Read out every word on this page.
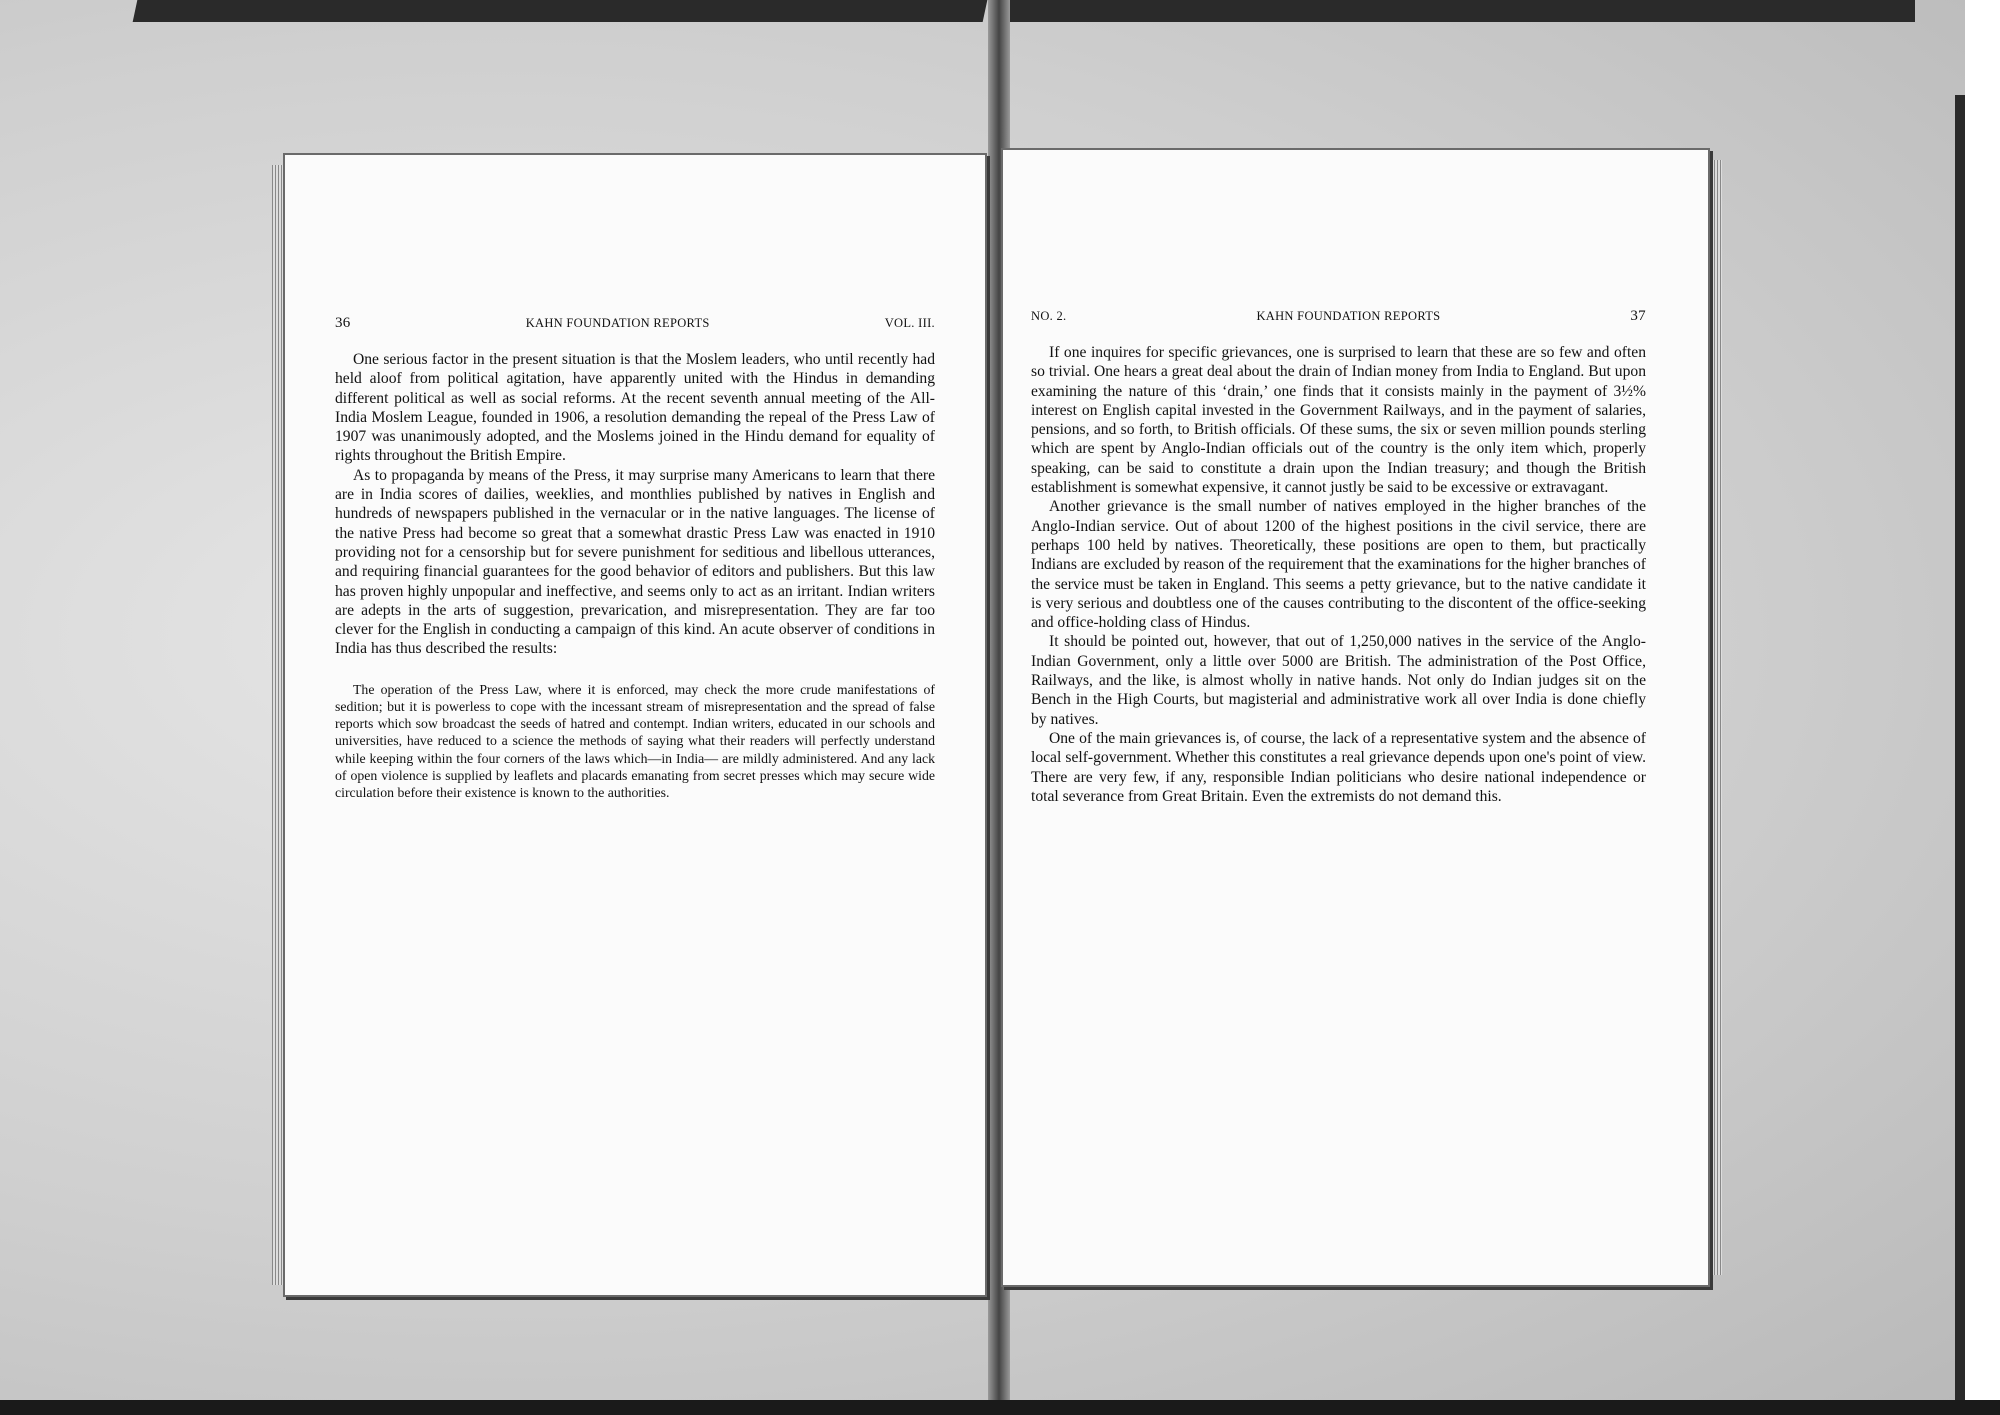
36	KAHN FOUNDATION REPORTS	VOL. III.

One serious factor in the present situation is that the Moslem leaders, who until recently had held aloof from political agitation, have apparently united with the Hindus in demanding different political as well as social reforms. At the recent seventh annual meeting of the All-India Moslem League, founded in 1906, a resolution demanding the repeal of the Press Law of 1907 was unanimously adopted, and the Moslems joined in the Hindu demand for equality of rights throughout the British Empire.

As to propaganda by means of the Press, it may surprise many Americans to learn that there are in India scores of dailies, weeklies, and monthlies published by natives in English and hundreds of newspapers published in the vernacular or in the native languages. The license of the native Press had become so great that a somewhat drastic Press Law was enacted in 1910 providing not for a censorship but for severe punishment for seditious and libellous utterances, and requiring financial guarantees for the good behavior of editors and publishers. But this law has proven highly unpopular and ineffective, and seems only to act as an irritant. Indian writers are adepts in the arts of suggestion, prevarication, and misrepresentation. They are far too clever for the English in conducting a campaign of this kind. An acute observer of conditions in India has thus described the results:

The operation of the Press Law, where it is enforced, may check the more crude manifestations of sedition; but it is powerless to cope with the incessant stream of misrepresentation and the spread of false reports which sow broadcast the seeds of hatred and contempt. Indian writers, educated in our schools and universities, have reduced to a science the methods of saying what their readers will perfectly understand while keeping within the four corners of the laws which—in India— are mildly administered. And any lack of open violence is supplied by leaflets and placards emanating from secret presses which may secure wide circulation before their existence is known to the authorities.
NO. 2.	KAHN FOUNDATION REPORTS	37

If one inquires for specific grievances, one is surprised to learn that these are so few and often so trivial. One hears a great deal about the drain of Indian money from India to England. But upon examining the nature of this ‘drain,’ one finds that it consists mainly in the payment of 3½% interest on English capital invested in the Government Railways, and in the payment of salaries, pensions, and so forth, to British officials. Of these sums, the six or seven million pounds sterling which are spent by Anglo-Indian officials out of the country is the only item which, properly speaking, can be said to constitute a drain upon the Indian treasury; and though the British establishment is somewhat expensive, it cannot justly be said to be excessive or extravagant.

Another grievance is the small number of natives employed in the higher branches of the Anglo-Indian service. Out of about 1200 of the highest positions in the civil service, there are perhaps 100 held by natives. Theoretically, these positions are open to them, but practically Indians are excluded by reason of the requirement that the examinations for the higher branches of the service must be taken in England. This seems a petty grievance, but to the native candidate it is very serious and doubtless one of the causes contributing to the discontent of the office-seeking and office-holding class of Hindus.

It should be pointed out, however, that out of 1,250,000 natives in the service of the Anglo-Indian Government, only a little over 5000 are British. The administration of the Post Office, Railways, and the like, is almost wholly in native hands. Not only do Indian judges sit on the Bench in the High Courts, but magisterial and administrative work all over India is done chiefly by natives.

One of the main grievances is, of course, the lack of a representative system and the absence of local self-government. Whether this constitutes a real grievance depends upon one's point of view. There are very few, if any, responsible Indian politicians who desire national independence or total severance from Great Britain. Even the extremists do not demand this.
